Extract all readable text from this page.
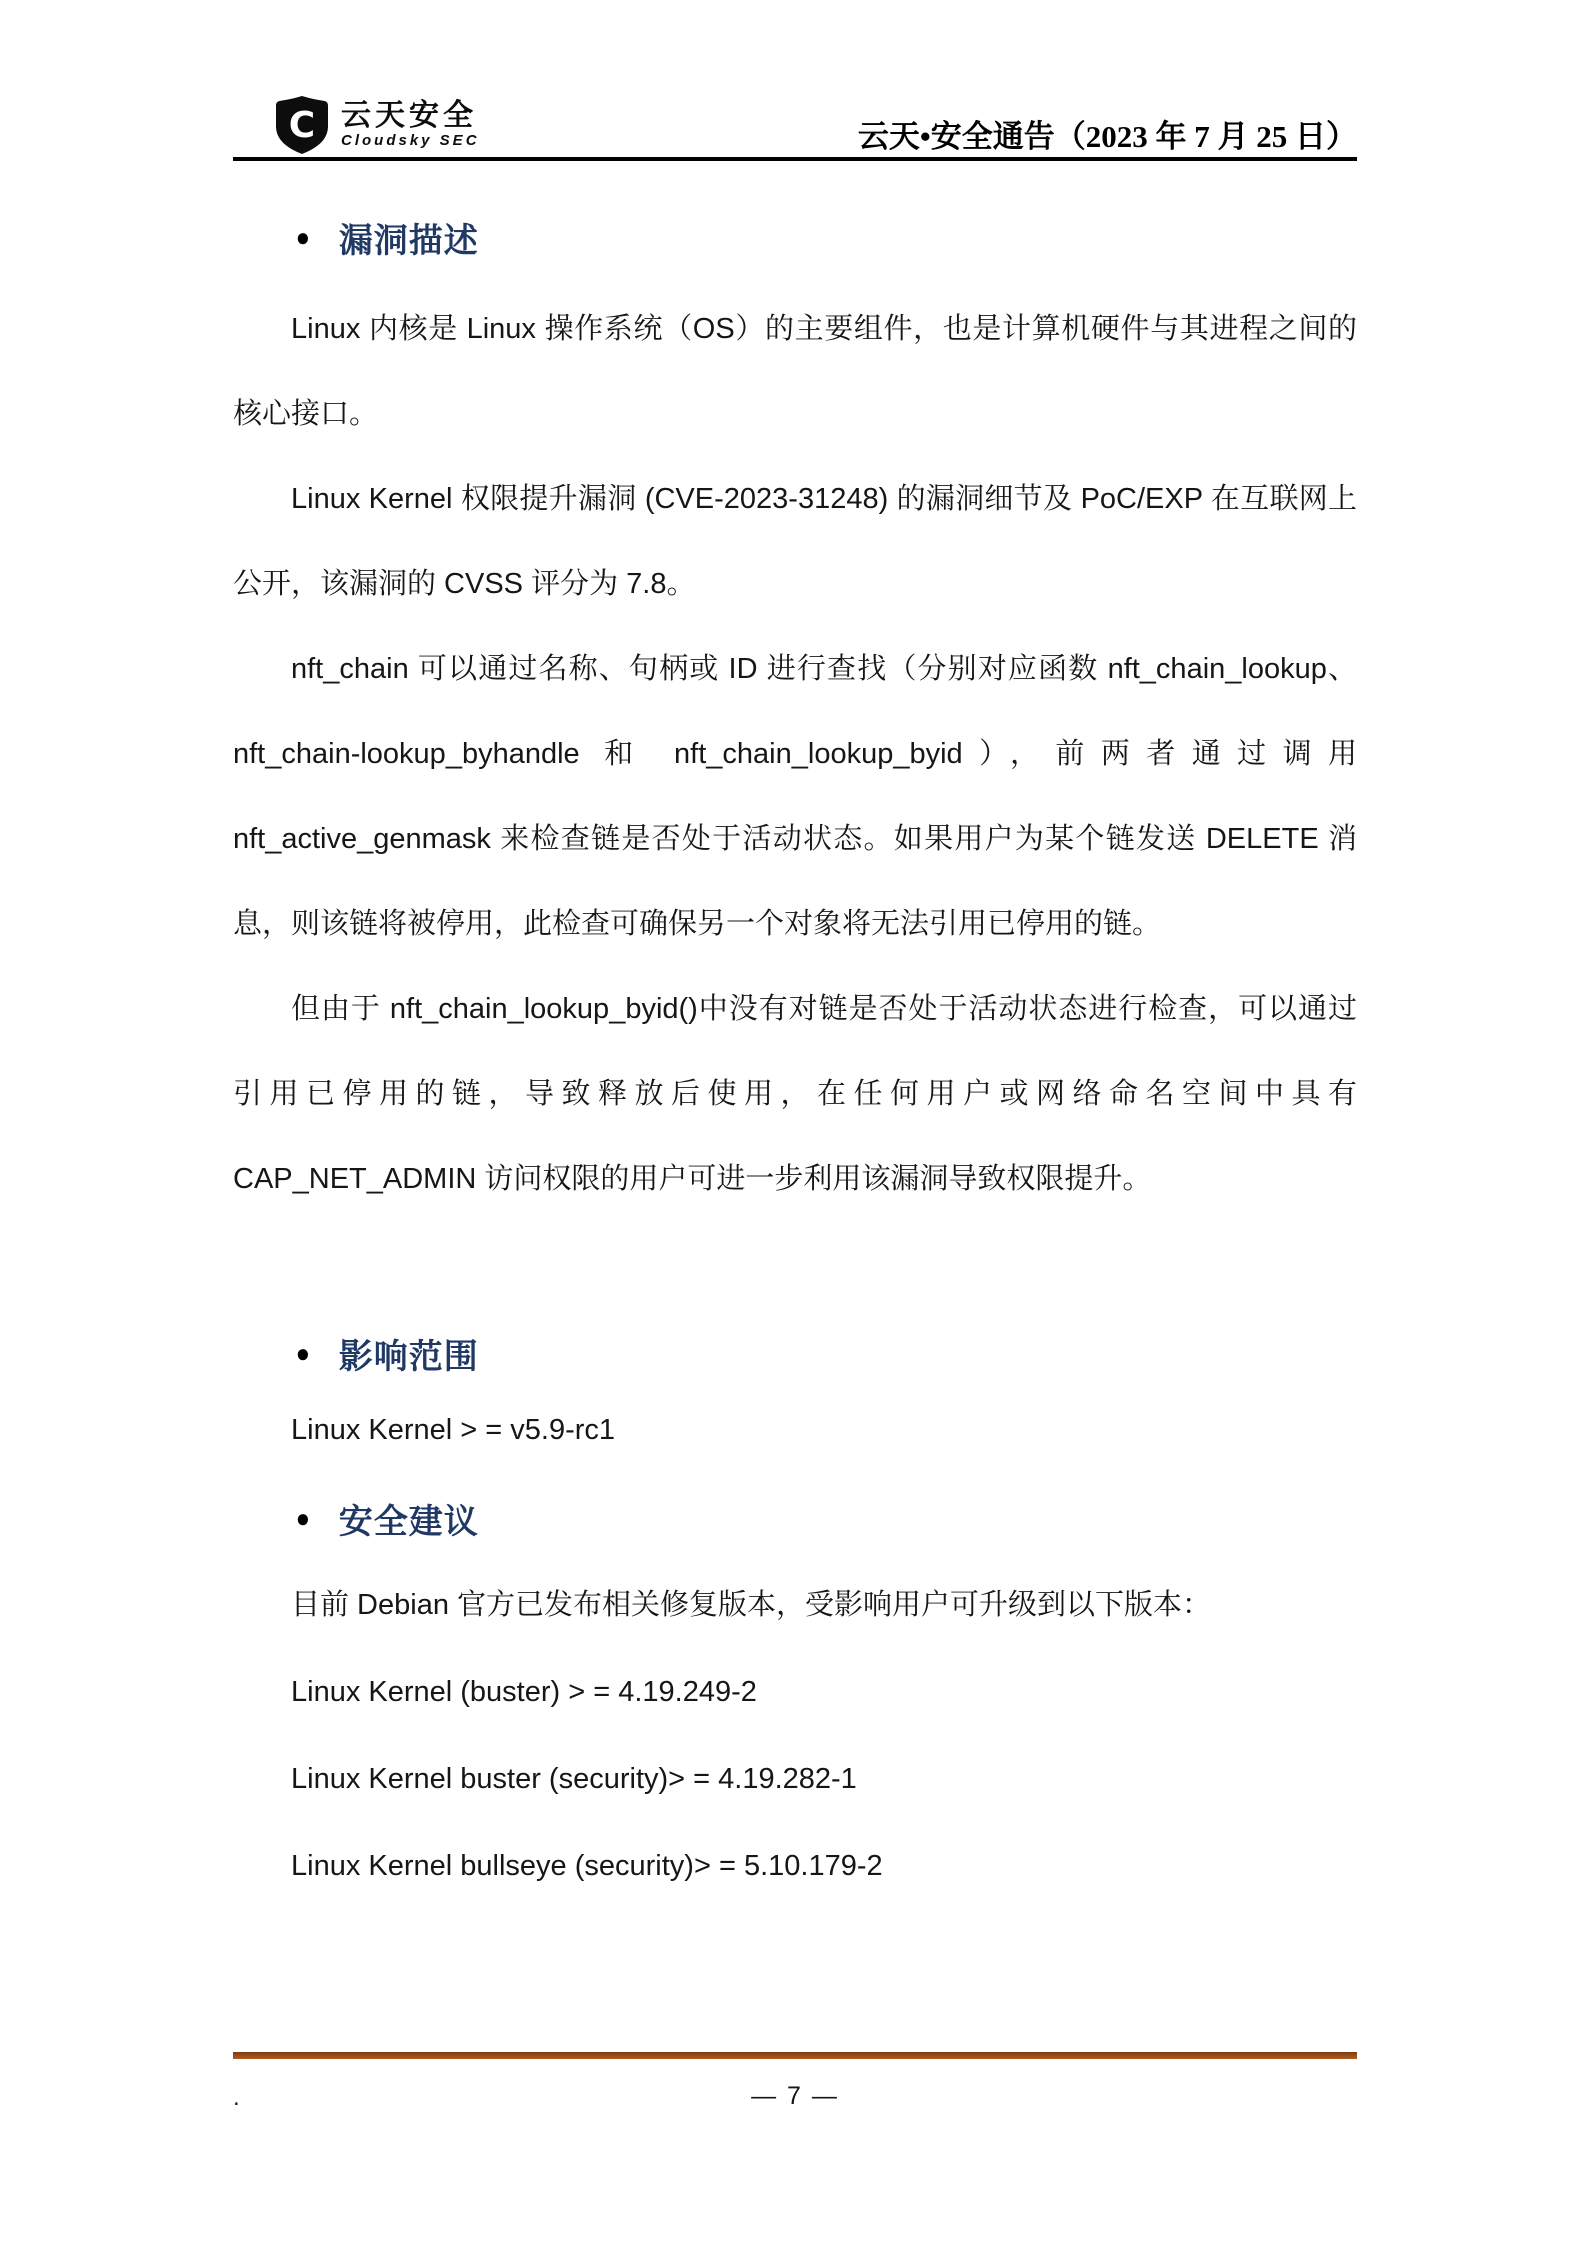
C 云天安全
Cloudsky SEC	云天•安全通告（2023 年 7 月 25 日）
● 漏洞描述

Linux 内核是 Linux 操作系统（OS）的主要组件，也是计算机硬件与其进程之间的核心接口。

Linux Kernel 权限提升漏洞 (CVE-2023-31248) 的漏洞细节及 PoC/EXP 在互联网上公开，该漏洞的 CVSS 评分为 7.8。

nft_chain 可以通过名称、句柄或 ID 进行查找（分别对应函数 nft_chain_lookup、nft_chain-lookup_byhandle 和 nft_chain_lookup_byid），前两者通过调用 nft_active_genmask 来检查链是否处于活动状态。如果用户为某个链发送 DELETE 消息，则该链将被停用，此检查可确保另一个对象将无法引用已停用的链。

但由于 nft_chain_lookup_byid()中没有对链是否处于活动状态进行检查，可以通过引用已停用的链，导致释放后使用，在任何用户或网络命名空间中具有 CAP_NET_ADMIN 访问权限的用户可进一步利用该漏洞导致权限提升。

● 影响范围

Linux Kernel > = v5.9-rc1

● 安全建议

目前 Debian 官方已发布相关修复版本，受影响用户可升级到以下版本：

Linux Kernel (buster) > = 4.19.249-2

Linux Kernel buster (security)> = 4.19.282-1

Linux Kernel bullseye (security)> = 5.10.179-2

.	— 7 —
